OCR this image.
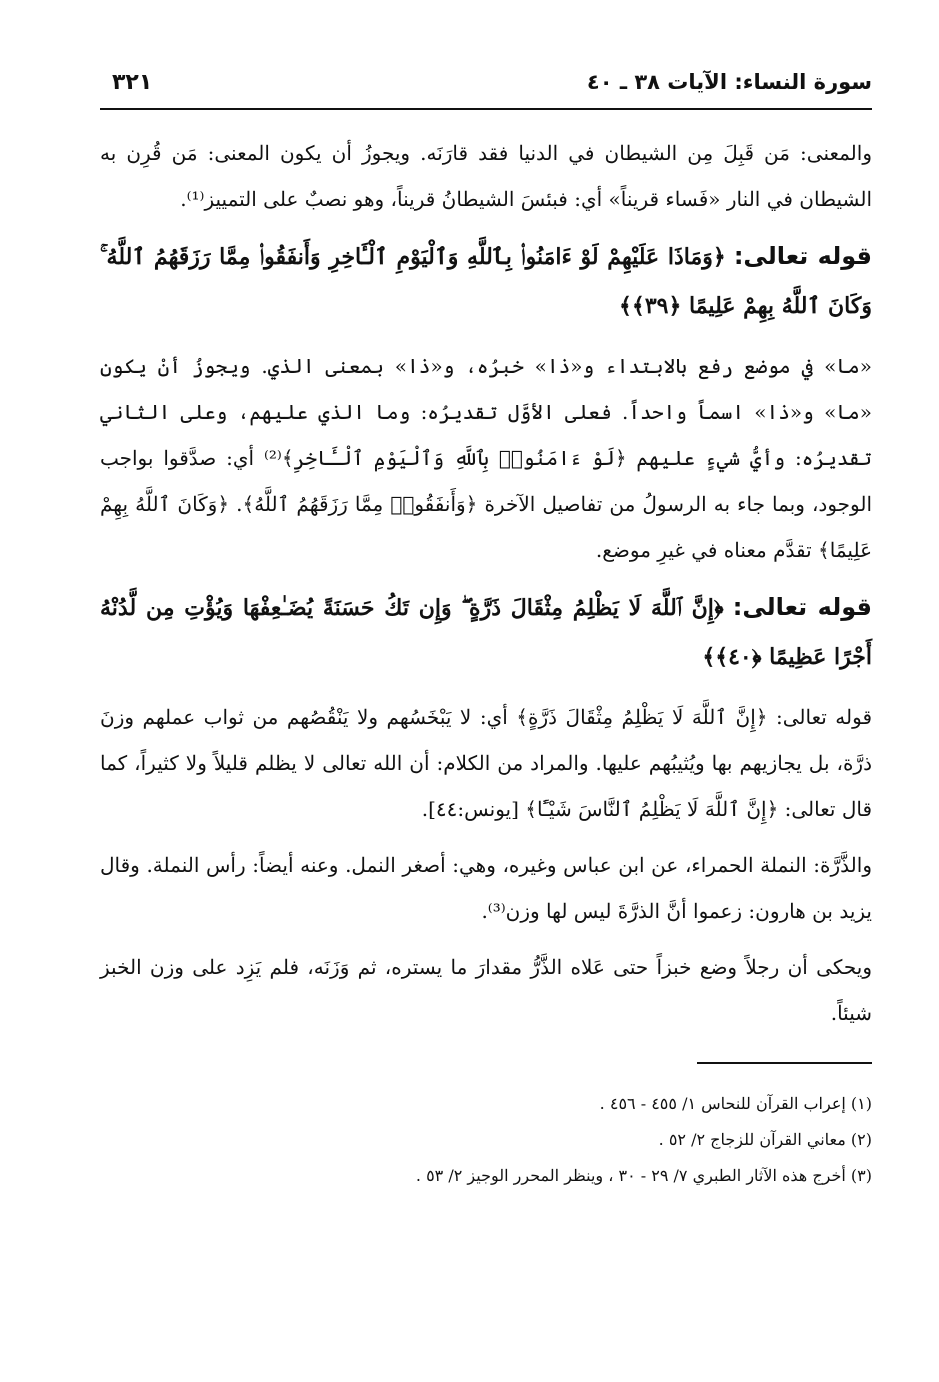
سورة النساء: الآيات ٣٨ ـ ٤٠
٣٢١

والمعنى: مَن قَبِلَ مِن الشيطان في الدنيا فقد قارَنَه. ويجوزُ أن يكون المعنى: مَن قُرِن به الشيطان في النار «فَساء قريناً» أي: فبئسَ الشيطانُ قريناً، وهو نصبٌ على التمييز⁽¹⁾.

قوله تعالى: ﴿وَمَاذَا عَلَيْهِمْ لَوْ ءَامَنُوا۟ بِٱللَّهِ وَٱلْيَوْمِ ٱلْـَٔاخِرِ وَأَنفَقُوا۟ مِمَّا رَزَقَهُمُ ٱللَّهُ ۚ وَكَانَ ٱللَّهُ بِهِمْ عَلِيمًا ﴿٣٩﴾﴾

«ما» في موضع رفع بالابتداء و«ذا» خبرُه، و«ذا» بمعنى الذي. ويجوزُ أنْ يكون «ما» و«ذا» اسماً واحداً. فعلى الأوَّل تقديرُه: وما الذي عليهم، وعلى الثاني تقديرُه: وأيُّ شيءٍ عليهم ﴿لَوْ ءَامَنُوا۟ بِٱللَّهِ وَٱلْيَوْمِ ٱلْـَٔاخِرِ﴾⁽²⁾ أي: صدَّقوا بواجب الوجود، وبما جاء به الرسولُ من تفاصيل الآخرة ﴿وَأَنفَقُوا۟ مِمَّا رَزَقَهُمُ ٱللَّهُ﴾. ﴿وَكَانَ ٱللَّهُ بِهِمْ عَلِيمًا﴾ تقدَّم معناه في غيرِ موضع.

قوله تعالى: ﴿إِنَّ ٱللَّهَ لَا يَظْلِمُ مِثْقَالَ ذَرَّةٍ ۖ وَإِن تَكُ حَسَنَةً يُضَـٰعِفْهَا وَيُؤْتِ مِن لَّدُنْهُ أَجْرًا عَظِيمًا ﴿٤٠﴾﴾

قوله تعالى: ﴿إِنَّ ٱللَّهَ لَا يَظْلِمُ مِثْقَالَ ذَرَّةٍ﴾ أي: لا يَبْخَسُهم ولا يَنْقُصُهم من ثواب عملهم وزنَ ذرَّة، بل يجازيهم بها ويُثيبُهم عليها. والمراد من الكلام: أن الله تعالى لا يظلم قليلاً ولا كثيراً، كما قال تعالى: ﴿إِنَّ ٱللَّهَ لَا يَظْلِمُ ٱلنَّاسَ شَيْـًٔا﴾ [يونس:٤٤].

والذَّرَّة: النملة الحمراء، عن ابن عباس وغيره، وهي: أصغر النمل. وعنه أيضاً: رأس النملة. وقال يزيد بن هارون: زعموا أنَّ الذرَّةَ ليس لها وزن⁽³⁾.

ويحكى أن رجلاً وضع خبزاً حتى عَلاه الذَّرُّ مقدارَ ما يستره، ثم وَزَنَه، فلم يَزِد على وزن الخبز شيئاً.

(١) إعراب القرآن للنحاس ١/ ٤٥٥ - ٤٥٦ .
(٢) معاني القرآن للزجاج ٢/ ٥٢ .
(٣) أخرج هذه الآثار الطبري ٧/ ٢٩ - ٣٠ ، وينظر المحرر الوجيز ٢/ ٥٣ .
